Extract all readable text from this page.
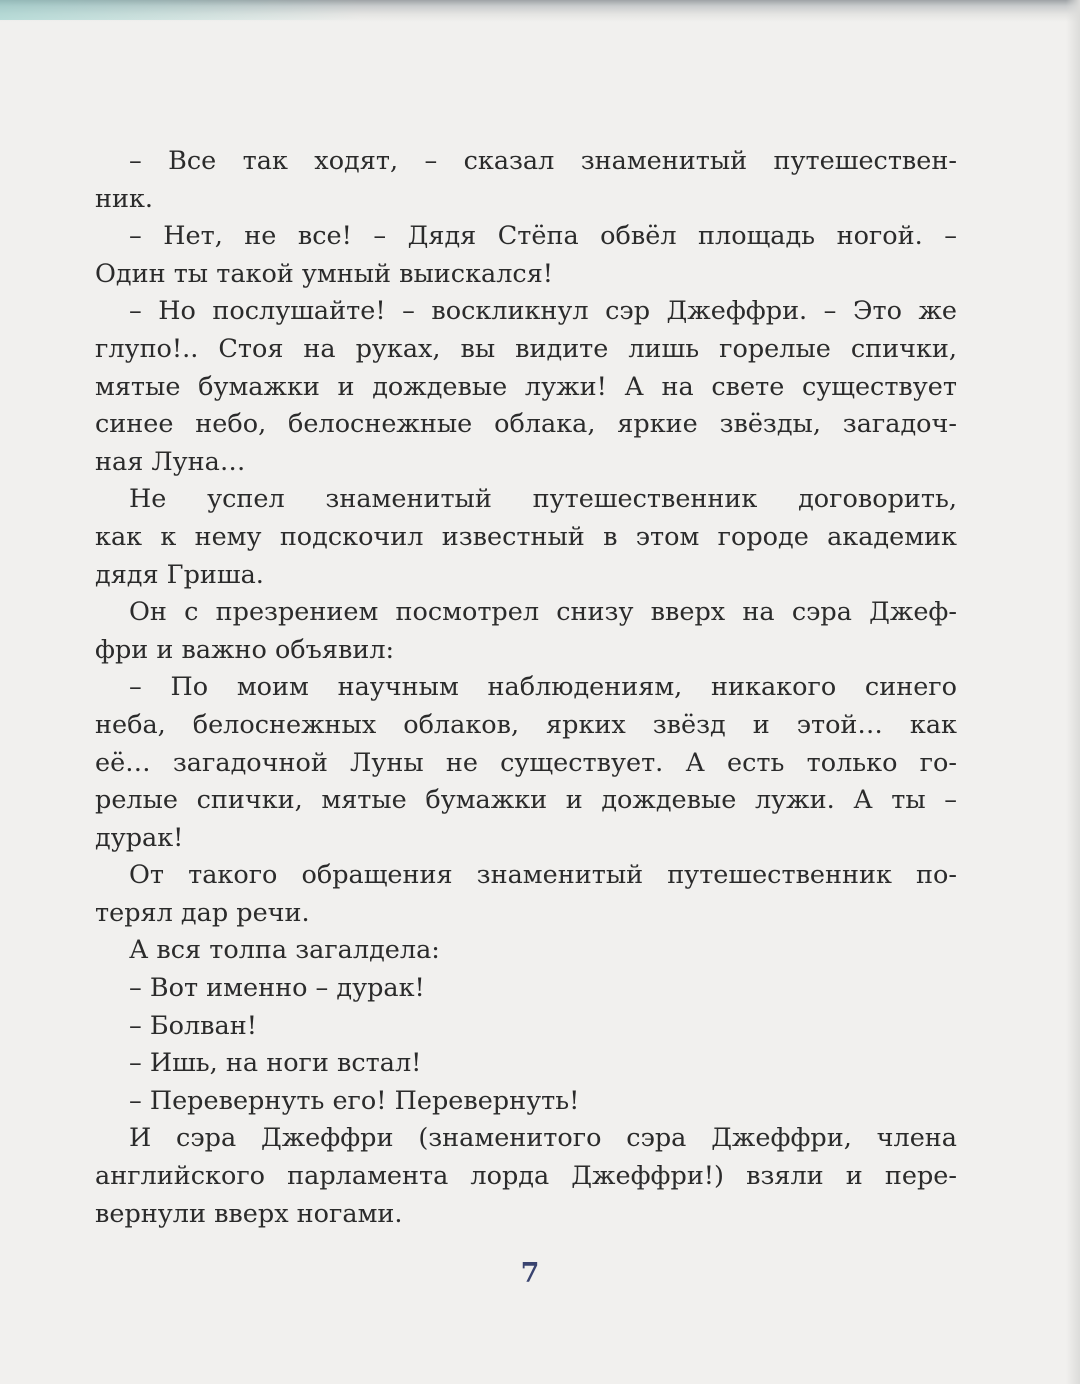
– Все так ходят, – сказал знаменитый путешествен-
ник.
– Нет, не все! – Дядя Стёпа обвёл площадь ногой. –
Один ты такой умный выискался!
– Но послушайте! – воскликнул сэр Джеффри. – Это же
глупо!.. Стоя на руках, вы видите лишь горелые спички,
мятые бумажки и дождевые лужи! А на свете существует
синее небо, белоснежные облака, яркие звёзды, загадоч-
ная Луна…
Не успел знаменитый путешественник договорить,
как к нему подскочил известный в этом городе академик
дядя Гриша.
Он с презрением посмотрел снизу вверх на сэра Джеф-
фри и важно объявил:
– По моим научным наблюдениям, никакого синего
неба, белоснежных облаков, ярких звёзд и этой… как
её… загадочной Луны не существует. А есть только го-
релые спички, мятые бумажки и дождевые лужи. А ты –
дурак!
От такого обращения знаменитый путешественник по-
терял дар речи.
А вся толпа загалдела:
– Вот именно – дурак!
– Болван!
– Ишь, на ноги встал!
– Перевернуть его! Перевернуть!
И сэра Джеффри (знаменитого сэра Джеффри, члена
английского парламента лорда Джеффри!) взяли и пере-
вернули вверх ногами.
7
